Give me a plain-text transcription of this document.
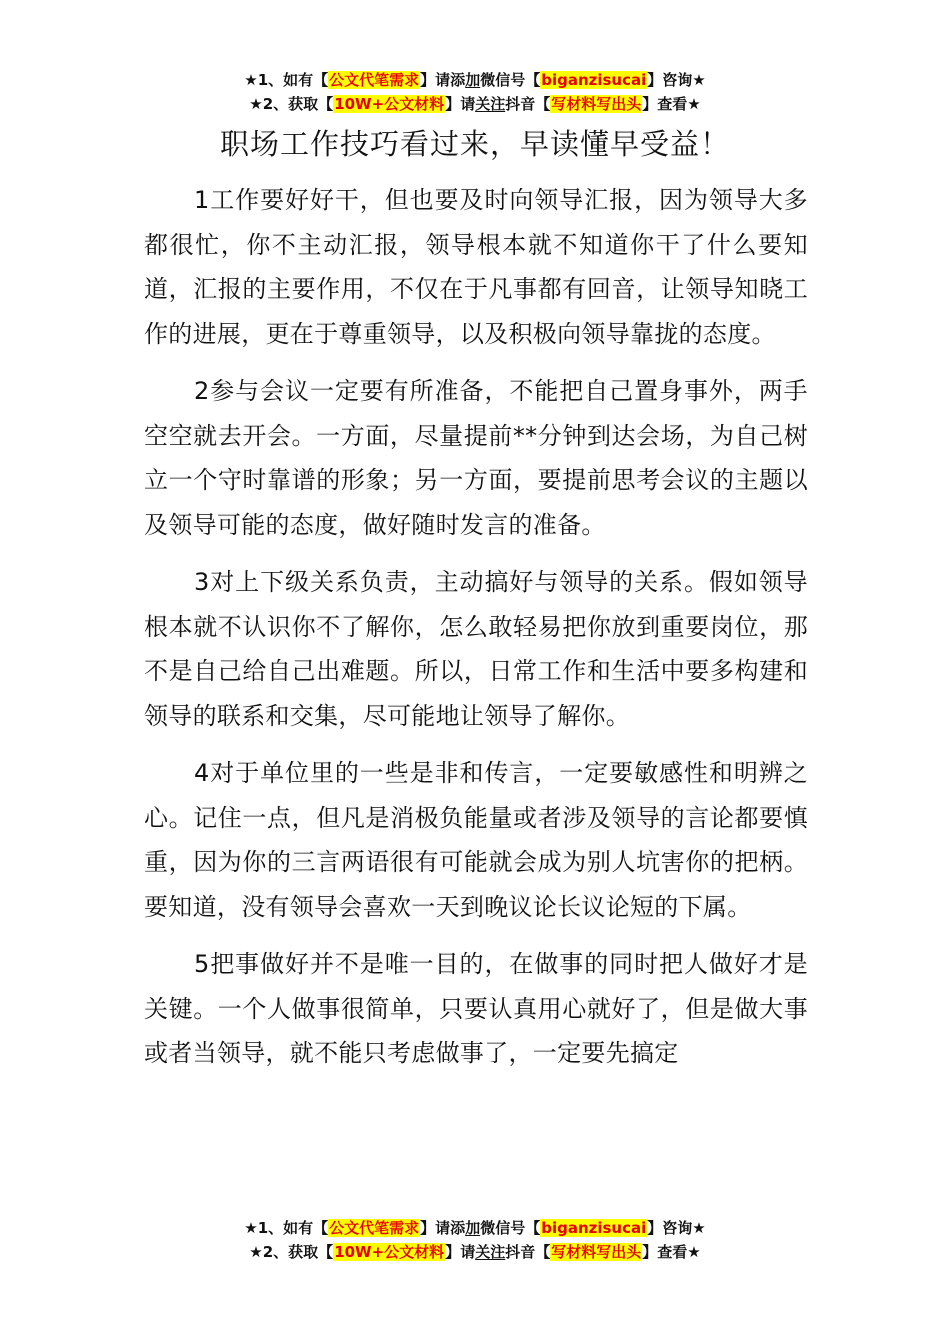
★1、如有【公文代笔需求】请添加微信号【biganzisucai】咨询★
★2、获取【10W+公文材料】请关注抖音【写材料写出头】查看★
职场工作技巧看过来，早读懂早受益！

1工作要好好干，但也要及时向领导汇报，因为领导大多都很忙，你不主动汇报，领导根本就不知道你干了什么要知道，汇报的主要作用，不仅在于凡事都有回音，让领导知晓工作的进展，更在于尊重领导，以及积极向领导靠拢的态度。

2参与会议一定要有所准备，不能把自己置身事外，两手空空就去开会。一方面，尽量提前**分钟到达会场，为自己树立一个守时靠谱的形象；另一方面，要提前思考会议的主题以及领导可能的态度，做好随时发言的准备。

3对上下级关系负责，主动搞好与领导的关系。假如领导根本就不认识你不了解你，怎么敢轻易把你放到重要岗位，那不是自己给自己出难题。所以，日常工作和生活中要多构建和领导的联系和交集，尽可能地让领导了解你。

4对于单位里的一些是非和传言，一定要敏感性和明辨之心。记住一点，但凡是消极负能量或者涉及领导的言论都要慎重，因为你的三言两语很有可能就会成为别人坑害你的把柄。要知道，没有领导会喜欢一天到晚议论长议论短的下属。

5把事做好并不是唯一目的，在做事的同时把人做好才是关键。一个人做事很简单，只要认真用心就好了，但是做大事或者当领导，就不能只考虑做事了，一定要先搞定

★1、如有【公文代笔需求】请添加微信号【biganzisucai】咨询★
★2、获取【10W+公文材料】请关注抖音【写材料写出头】查看★
